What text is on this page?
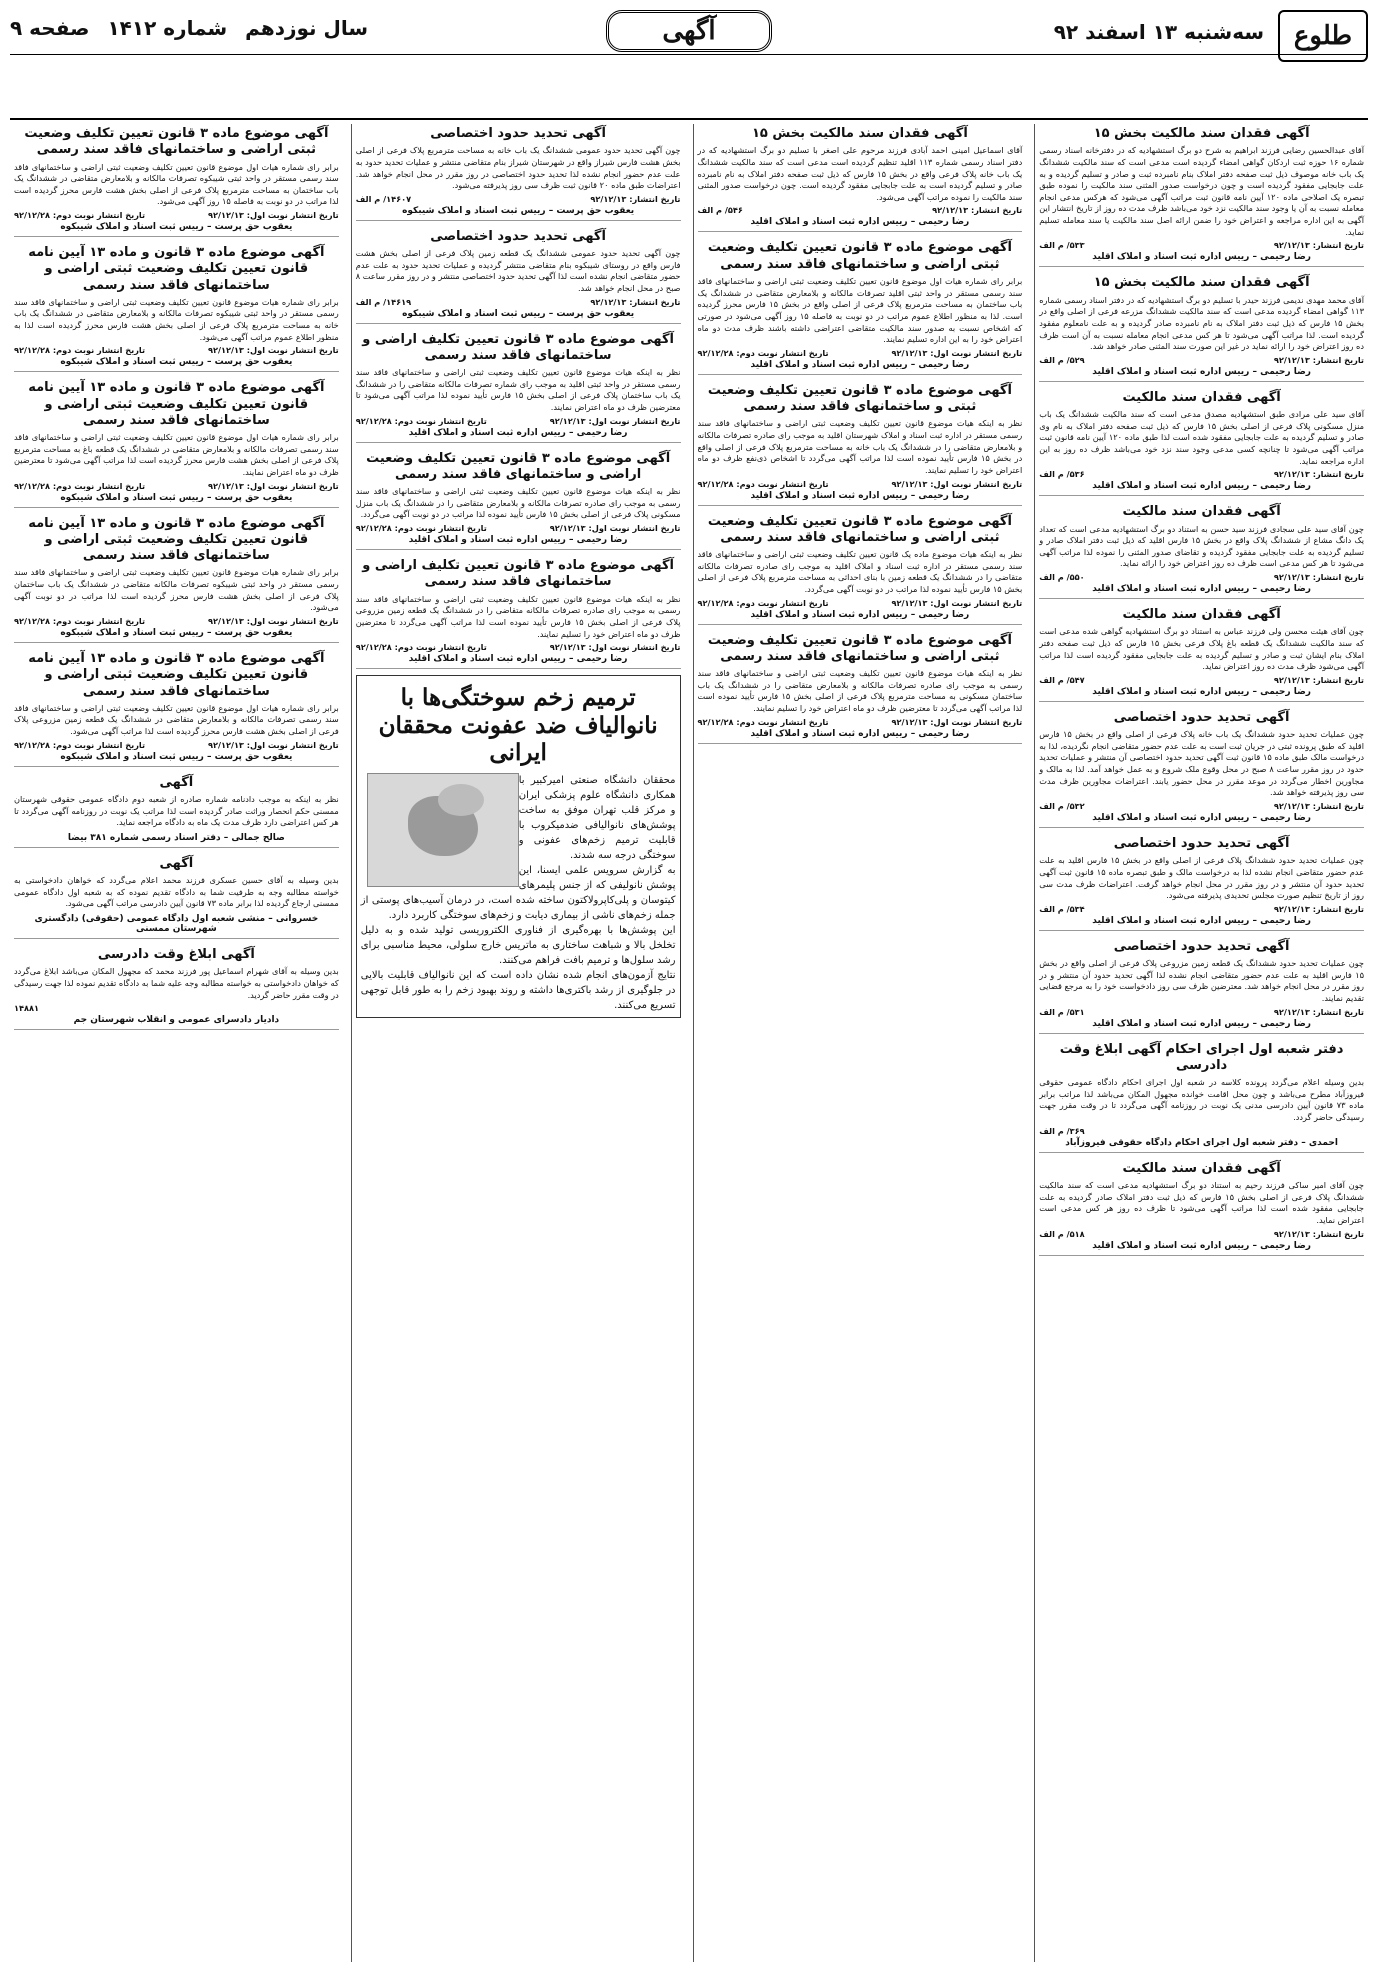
طلوع
سه‌شنبه ۱۳ اسفند ۹۲
آگهی
سال نوزدهم
شماره ۱۴۱۲
صفحه ۹
آگهی فقدان سند مالکیت بخش ۱۵
آقای عبدالحسین رضایی فرزند ابراهیم به شرح دو برگ استشهادیه که در دفترخانه اسناد رسمی شماره ۱۶ حوزه ثبت اردکان گواهی امضاء گردیده است مدعی است که سند مالکیت ششدانگ یک باب خانه موصوف ذیل ثبت صفحه دفتر املاک بنام نامبرده ثبت و صادر و تسلیم گردیده و به علت جابجایی مفقود گردیده است و چون درخواست صدور المثنی سند مالکیت را نموده طبق تبصره یک اصلاحی ماده ۱۲۰ آیین نامه قانون ثبت مراتب آگهی می‌شود که هرکس مدعی انجام معامله نسبت به آن یا وجود سند مالکیت نزد خود می‌باشد ظرف مدت ده روز از تاریخ انتشار این آگهی به این اداره مراجعه و اعتراض خود را ضمن ارائه اصل سند مالکیت یا سند معامله تسلیم نماید.
تاریخ انتشار: ۹۲/۱۲/۱۳
۵۳۳/ م الف
رضا رحیمی – رییس اداره ثبت اسناد و املاک اقلید
آگهی فقدان سند مالکیت بخش ۱۵
آقای محمد مهدی ندیمی فرزند حیدر با تسلیم دو برگ استشهادیه که در دفتر اسناد رسمی شماره ۱۱۳ گواهی امضاء گردیده مدعی است که سند مالکیت ششدانگ مزرعه فرعی از اصلی واقع در بخش ۱۵ فارس که ذیل ثبت دفتر املاک به نام نامبرده صادر گردیده و به علت نامعلوم مفقود گردیده است. لذا مراتب آگهی می‌شود تا هر کس مدعی انجام معامله نسبت به آن است ظرف ده روز اعتراض خود را ارائه نماید در غیر این صورت سند المثنی صادر خواهد شد.
تاریخ انتشار: ۹۲/۱۲/۱۳
۵۲۹/ م الف
رضا رحیمی – رییس اداره ثبت اسناد و املاک اقلید
آگهی فقدان سند مالکیت
آقای سید علی مرادی طبق استشهادیه مصدق مدعی است که سند مالکیت ششدانگ یک باب منزل مسکونی پلاک فرعی از اصلی بخش ۱۵ فارس که ذیل ثبت صفحه دفتر املاک به نام وی صادر و تسلیم گردیده به علت جابجایی مفقود شده است لذا طبق ماده ۱۲۰ آیین نامه قانون ثبت مراتب آگهی می‌شود تا چنانچه کسی مدعی وجود سند نزد خود می‌باشد ظرف ده روز به این اداره مراجعه نماید.
تاریخ انتشار: ۹۲/۱۲/۱۳
۵۳۶/ م الف
رضا رحیمی – رییس اداره ثبت اسناد و املاک اقلید
آگهی فقدان سند مالکیت
چون آقای سید علی سجادی فرزند سید حسن به استناد دو برگ استشهادیه مدعی است که تعداد یک دانگ مشاع از ششدانگ پلاک واقع در بخش ۱۵ فارس اقلید که ذیل ثبت دفتر املاک صادر و تسلیم گردیده به علت جابجایی مفقود گردیده و تقاضای صدور المثنی را نموده لذا مراتب آگهی می‌شود تا هر کس مدعی است ظرف ده روز اعتراض خود را ارائه نماید.
تاریخ انتشار: ۹۲/۱۲/۱۳
۵۵۰/ م الف
رضا رحیمی – رییس اداره ثبت اسناد و املاک اقلید
آگهی فقدان سند مالکیت
چون آقای هیئت محسن ولی فرزند عباس به استناد دو برگ استشهادیه گواهی شده مدعی است که سند مالکیت ششدانگ یک قطعه باغ پلاک فرعی بخش ۱۵ فارس که ذیل ثبت صفحه دفتر املاک بنام ایشان ثبت و صادر و تسلیم گردیده به علت جابجایی مفقود گردیده است لذا مراتب آگهی می‌شود ظرف مدت ده روز اعتراض نماید.
تاریخ انتشار: ۹۲/۱۲/۱۳
۵۴۷/ م الف
رضا رحیمی – رییس اداره ثبت اسناد و املاک اقلید
آگهی تحدید حدود اختصاصی
چون عملیات تحدید حدود ششدانگ یک باب خانه پلاک فرعی از اصلی واقع در بخش ۱۵ فارس اقلید که طبق پرونده ثبتی در جریان ثبت است به علت عدم حضور متقاضی انجام نگردیده، لذا به درخواست مالک طبق ماده ۱۵ قانون ثبت آگهی تحدید حدود اختصاصی آن منتشر و عملیات تحدید حدود در روز مقرر ساعت ۸ صبح در محل وقوع ملک شروع و به عمل خواهد آمد. لذا به مالک و مجاورین اخطار می‌گردد در موعد مقرر در محل حضور یابند. اعتراضات مجاورین ظرف مدت سی روز پذیرفته خواهد شد.
تاریخ انتشار: ۹۲/۱۲/۱۳
۵۳۲/ م الف
رضا رحیمی – رییس اداره ثبت اسناد و املاک اقلید
آگهی تحدید حدود اختصاصی
چون عملیات تحدید حدود ششدانگ پلاک فرعی از اصلی واقع در بخش ۱۵ فارس اقلید به علت عدم حضور متقاضی انجام نشده لذا به درخواست مالک و طبق تبصره ماده ۱۵ قانون ثبت آگهی تحدید حدود آن منتشر و در روز مقرر در محل انجام خواهد گرفت. اعتراضات ظرف مدت سی روز از تاریخ تنظیم صورت مجلس تحدیدی پذیرفته می‌شود.
تاریخ انتشار: ۹۲/۱۲/۱۳
۵۳۴/ م الف
رضا رحیمی – رییس اداره ثبت اسناد و املاک اقلید
آگهی تحدید حدود اختصاصی
چون عملیات تحدید حدود ششدانگ یک قطعه زمین مزروعی پلاک فرعی از اصلی واقع در بخش ۱۵ فارس اقلید به علت عدم حضور متقاضی انجام نشده لذا آگهی تحدید حدود آن منتشر و در روز مقرر در محل انجام خواهد شد. معترضین ظرف سی روز دادخواست خود را به مرجع قضایی تقدیم نمایند.
تاریخ انتشار: ۹۲/۱۲/۱۳
۵۳۱/ م الف
رضا رحیمی – رییس اداره ثبت اسناد و املاک اقلید
دفتر شعبه اول اجرای احکام آگهی ابلاغ وقت دادرسی
بدین وسیله اعلام می‌گردد پرونده کلاسه در شعبه اول اجرای احکام دادگاه عمومی حقوقی فیروزآباد مطرح می‌باشد و چون محل اقامت خوانده مجهول المکان می‌باشد لذا مراتب برابر ماده ۷۳ قانون آیین دادرسی مدنی یک نوبت در روزنامه آگهی می‌گردد تا در وقت مقرر جهت رسیدگی حاضر گردد.
۳۶۹/ م الف
احمدی – دفتر شعبه اول اجرای احکام دادگاه حقوقی فیروزآباد
آگهی فقدان سند مالکیت
چون آقای امیر ساکی فرزند رحیم به استناد دو برگ استشهادیه مدعی است که سند مالکیت ششدانگ پلاک فرعی از اصلی بخش ۱۵ فارس که ذیل ثبت دفتر املاک صادر گردیده به علت جابجایی مفقود شده است لذا مراتب آگهی می‌شود تا ظرف ده روز هر کس مدعی است اعتراض نماید.
تاریخ انتشار: ۹۲/۱۲/۱۳
۵۱۸/ م الف
رضا رحیمی – رییس اداره ثبت اسناد و املاک اقلید
آگهی فقدان سند مالکیت بخش ۱۵
آقای اسماعیل امینی احمد آبادی فرزند مرحوم علی اصغر با تسلیم دو برگ استشهادیه که در دفتر اسناد رسمی شماره ۱۱۳ اقلید تنظیم گردیده است مدعی است که سند مالکیت ششدانگ یک باب خانه پلاک فرعی واقع در بخش ۱۵ فارس که ذیل ثبت صفحه دفتر املاک به نام نامبرده صادر و تسلیم گردیده است به علت جابجایی مفقود گردیده است. چون درخواست صدور المثنی سند مالکیت را نموده مراتب آگهی می‌شود.
تاریخ انتشار: ۹۲/۱۲/۱۳
۵۴۶/ م الف
رضا رحیمی – رییس اداره ثبت اسناد و املاک اقلید
آگهی موضوع ماده ۳ قانون تعیین تکلیف وضعیت ثبتی اراضی و ساختمانهای فاقد سند رسمی
برابر رای شماره هیات اول موضوع قانون تعیین تکلیف وضعیت ثبتی اراضی و ساختمانهای فاقد سند رسمی مستقر در واحد ثبتی اقلید تصرفات مالکانه و بلامعارض متقاضی در ششدانگ یک باب ساختمان به مساحت مترمربع پلاک فرعی از اصلی واقع در بخش ۱۵ فارس محرز گردیده است. لذا به منظور اطلاع عموم مراتب در دو نوبت به فاصله ۱۵ روز آگهی می‌شود در صورتی که اشخاص نسبت به صدور سند مالکیت متقاضی اعتراضی داشته باشند ظرف مدت دو ماه اعتراض خود را به این اداره تسلیم نمایند.
تاریخ انتشار نوبت اول: ۹۲/۱۲/۱۳
تاریخ انتشار نوبت دوم: ۹۲/۱۲/۲۸
رضا رحیمی – رییس اداره ثبت اسناد و املاک اقلید
آگهی موضوع ماده ۳ قانون تعیین تکلیف وضعیت ثبتی و ساختمانهای فاقد سند رسمی
نظر به اینکه هیات موضوع قانون تعیین تکلیف وضعیت ثبتی اراضی و ساختمانهای فاقد سند رسمی مستقر در اداره ثبت اسناد و املاک شهرستان اقلید به موجب رای صادره تصرفات مالکانه و بلامعارض متقاضی را در ششدانگ یک باب خانه به مساحت مترمربع پلاک فرعی از اصلی واقع در بخش ۱۵ فارس تأیید نموده است لذا مراتب آگهی می‌گردد تا اشخاص ذی‌نفع ظرف دو ماه اعتراض خود را تسلیم نمایند.
تاریخ انتشار نوبت اول: ۹۲/۱۲/۱۳
تاریخ انتشار نوبت دوم: ۹۲/۱۲/۲۸
رضا رحیمی – رییس اداره ثبت اسناد و املاک اقلید
آگهی موضوع ماده ۳ قانون تعیین تکلیف وضعیت ثبتی اراضی و ساختمانهای فاقد سند رسمی
نظر به اینکه هیات موضوع ماده یک قانون تعیین تکلیف وضعیت ثبتی اراضی و ساختمانهای فاقد سند رسمی مستقر در اداره ثبت اسناد و املاک اقلید به موجب رای صادره تصرفات مالکانه متقاضی را در ششدانگ یک قطعه زمین با بنای احداثی به مساحت مترمربع پلاک فرعی از اصلی بخش ۱۵ فارس تأیید نموده لذا مراتب در دو نوبت آگهی می‌گردد.
تاریخ انتشار نوبت اول: ۹۲/۱۲/۱۳
تاریخ انتشار نوبت دوم: ۹۲/۱۲/۲۸
رضا رحیمی – رییس اداره ثبت اسناد و املاک اقلید
آگهی موضوع ماده ۳ قانون تعیین تکلیف وضعیت ثبتی اراضی و ساختمانهای فاقد سند رسمی
نظر به اینکه هیات موضوع قانون تعیین تکلیف وضعیت ثبتی اراضی و ساختمانهای فاقد سند رسمی به موجب رای صادره تصرفات مالکانه و بلامعارض متقاضی را در ششدانگ یک باب ساختمان مسکونی به مساحت مترمربع پلاک فرعی از اصلی بخش ۱۵ فارس تأیید نموده است لذا مراتب آگهی می‌گردد تا معترضین ظرف دو ماه اعتراض خود را تسلیم نمایند.
تاریخ انتشار نوبت اول: ۹۲/۱۲/۱۳
تاریخ انتشار نوبت دوم: ۹۲/۱۲/۲۸
رضا رحیمی – رییس اداره ثبت اسناد و املاک اقلید
آگهی تحدید حدود اختصاصی
چون آگهی تحدید حدود عمومی ششدانگ یک باب خانه به مساحت مترمربع پلاک فرعی از اصلی بخش هشت فارس شیراز واقع در شهرستان شیراز بنام متقاضی منتشر و عملیات تحدید حدود به علت عدم حضور انجام نشده لذا تحدید حدود اختصاصی در روز مقرر در محل انجام خواهد شد. اعتراضات طبق ماده ۲۰ قانون ثبت ظرف سی روز پذیرفته می‌شود.
تاریخ انتشار: ۹۲/۱۲/۱۳
۱۴۶۰۷/ م الف
یعقوب حق پرست – رییس ثبت اسناد و املاک شیبکوه
آگهی تحدید حدود اختصاصی
چون آگهی تحدید حدود عمومی ششدانگ یک قطعه زمین پلاک فرعی از اصلی بخش هشت فارس واقع در روستای شیبکوه بنام متقاضی منتشر گردیده و عملیات تحدید حدود به علت عدم حضور متقاضی انجام نشده است لذا آگهی تحدید حدود اختصاصی منتشر و در روز مقرر ساعت ۸ صبح در محل انجام خواهد شد.
تاریخ انتشار: ۹۲/۱۲/۱۳
۱۴۶۱۹/ م الف
یعقوب حق پرست – رییس ثبت اسناد و املاک شیبکوه
آگهی موضوع ماده ۳ قانون تعیین تکلیف اراضی و ساختمانهای فاقد سند رسمی
نظر به اینکه هیات موضوع قانون تعیین تکلیف وضعیت ثبتی اراضی و ساختمانهای فاقد سند رسمی مستقر در واحد ثبتی اقلید به موجب رای شماره تصرفات مالکانه متقاضی را در ششدانگ یک باب ساختمان پلاک فرعی از اصلی بخش ۱۵ فارس تأیید نموده لذا مراتب آگهی می‌شود تا معترضین ظرف دو ماه اعتراض نمایند.
تاریخ انتشار نوبت اول: ۹۲/۱۲/۱۳
تاریخ انتشار نوبت دوم: ۹۲/۱۲/۲۸
رضا رحیمی – رییس اداره ثبت اسناد و املاک اقلید
آگهی موضوع ماده ۳ قانون تعیین تکلیف وضعیت اراضی و ساختمانهای فاقد سند رسمی
نظر به اینکه هیات موضوع قانون تعیین تکلیف وضعیت ثبتی اراضی و ساختمانهای فاقد سند رسمی به موجب رای صادره تصرفات مالکانه و بلامعارض متقاضی را در ششدانگ یک باب منزل مسکونی پلاک فرعی از اصلی بخش ۱۵ فارس تأیید نموده لذا مراتب در دو نوبت آگهی می‌گردد.
تاریخ انتشار نوبت اول: ۹۲/۱۲/۱۳
تاریخ انتشار نوبت دوم: ۹۲/۱۲/۲۸
رضا رحیمی – رییس اداره ثبت اسناد و املاک اقلید
آگهی موضوع ماده ۳ قانون تعیین تکلیف اراضی و ساختمانهای فاقد سند رسمی
نظر به اینکه هیات موضوع قانون تعیین تکلیف وضعیت ثبتی اراضی و ساختمانهای فاقد سند رسمی به موجب رای صادره تصرفات مالکانه متقاضی را در ششدانگ یک قطعه زمین مزروعی پلاک فرعی از اصلی بخش ۱۵ فارس تأیید نموده است لذا مراتب آگهی می‌گردد تا معترضین ظرف دو ماه اعتراض خود را تسلیم نمایند.
تاریخ انتشار نوبت اول: ۹۲/۱۲/۱۳
تاریخ انتشار نوبت دوم: ۹۲/۱۲/۲۸
رضا رحیمی – رییس اداره ثبت اسناد و املاک اقلید
ترمیم زخم سوختگی‌ها با نانوالیاف ضد عفونت محققان ایرانی
محققان دانشگاه صنعتی امیرکبیر با همکاری دانشگاه علوم پزشکی ایران و مرکز قلب تهران موفق به ساخت پوشش‌های نانوالیافی ضدمیکروب با قابلیت ترمیم زخم‌های عفونی و سوختگی درجه سه شدند.
به گزارش سرویس علمی ایسنا، این پوشش نانولیفی که از جنس پلیمرهای کیتوسان و پلی‌کاپرولاکتون ساخته شده است، در درمان آسیب‌های پوستی از جمله زخم‌های ناشی از بیماری دیابت و زخم‌های سوختگی کاربرد دارد.
این پوشش‌ها با بهره‌گیری از فناوری الکتروریسی تولید شده و به دلیل تخلخل بالا و شباهت ساختاری به ماتریس خارج سلولی، محیط مناسبی برای رشد سلول‌ها و ترمیم بافت فراهم می‌کنند.
نتایج آزمون‌های انجام شده نشان داده است که این نانوالیاف قابلیت بالایی در جلوگیری از رشد باکتری‌ها داشته و روند بهبود زخم را به طور قابل توجهی تسریع می‌کنند.
آگهی موضوع ماده ۳ قانون تعیین تکلیف وضعیت ثبتی اراضی و ساختمانهای فاقد سند رسمی
برابر رای شماره هیات اول موضوع قانون تعیین تکلیف وضعیت ثبتی اراضی و ساختمانهای فاقد سند رسمی مستقر در واحد ثبتی شیبکوه تصرفات مالکانه و بلامعارض متقاضی در ششدانگ یک باب ساختمان به مساحت مترمربع پلاک فرعی از اصلی بخش هشت فارس محرز گردیده است لذا مراتب در دو نوبت به فاصله ۱۵ روز آگهی می‌شود.
تاریخ انتشار نوبت اول: ۹۲/۱۲/۱۳
تاریخ انتشار نوبت دوم: ۹۲/۱۲/۲۸
یعقوب حق پرست – رییس ثبت اسناد و املاک شیبکوه
آگهی موضوع ماده ۳ قانون و ماده ۱۳ آیین نامه قانون تعیین تکلیف وضعیت ثبتی اراضی و ساختمانهای فاقد سند رسمی
برابر رای شماره هیات موضوع قانون تعیین تکلیف وضعیت ثبتی اراضی و ساختمانهای فاقد سند رسمی مستقر در واحد ثبتی شیبکوه تصرفات مالکانه و بلامعارض متقاضی در ششدانگ یک باب خانه به مساحت مترمربع پلاک فرعی از اصلی بخش هشت فارس محرز گردیده است لذا به منظور اطلاع عموم مراتب آگهی می‌شود.
تاریخ انتشار نوبت اول: ۹۲/۱۲/۱۳
تاریخ انتشار نوبت دوم: ۹۲/۱۲/۲۸
یعقوب حق پرست – رییس ثبت اسناد و املاک شیبکوه
آگهی موضوع ماده ۳ قانون و ماده ۱۳ آیین نامه قانون تعیین تکلیف وضعیت ثبتی اراضی و ساختمانهای فاقد سند رسمی
برابر رای شماره هیات اول موضوع قانون تعیین تکلیف وضعیت ثبتی اراضی و ساختمانهای فاقد سند رسمی تصرفات مالکانه و بلامعارض متقاضی در ششدانگ یک قطعه باغ به مساحت مترمربع پلاک فرعی از اصلی بخش هشت فارس محرز گردیده است لذا مراتب آگهی می‌شود تا معترضین ظرف دو ماه اعتراض نمایند.
تاریخ انتشار نوبت اول: ۹۲/۱۲/۱۳
تاریخ انتشار نوبت دوم: ۹۲/۱۲/۲۸
یعقوب حق پرست – رییس ثبت اسناد و املاک شیبکوه
آگهی موضوع ماده ۳ قانون و ماده ۱۳ آیین نامه قانون تعیین تکلیف وضعیت ثبتی اراضی و ساختمانهای فاقد سند رسمی
برابر رای شماره هیات موضوع قانون تعیین تکلیف وضعیت ثبتی اراضی و ساختمانهای فاقد سند رسمی مستقر در واحد ثبتی شیبکوه تصرفات مالکانه متقاضی در ششدانگ یک باب ساختمان پلاک فرعی از اصلی بخش هشت فارس محرز گردیده است لذا مراتب در دو نوبت آگهی می‌شود.
تاریخ انتشار نوبت اول: ۹۲/۱۲/۱۳
تاریخ انتشار نوبت دوم: ۹۲/۱۲/۲۸
یعقوب حق پرست – رییس ثبت اسناد و املاک شیبکوه
آگهی موضوع ماده ۳ قانون و ماده ۱۳ آیین نامه قانون تعیین تکلیف وضعیت ثبتی اراضی و ساختمانهای فاقد سند رسمی
برابر رای شماره هیات اول موضوع قانون تعیین تکلیف وضعیت ثبتی اراضی و ساختمانهای فاقد سند رسمی تصرفات مالکانه و بلامعارض متقاضی در ششدانگ یک قطعه زمین مزروعی پلاک فرعی از اصلی بخش هشت فارس محرز گردیده است لذا مراتب آگهی می‌شود.
تاریخ انتشار نوبت اول: ۹۲/۱۲/۱۳
تاریخ انتشار نوبت دوم: ۹۲/۱۲/۲۸
یعقوب حق پرست – رییس ثبت اسناد و املاک شیبکوه
آگهی
نظر به اینکه به موجب دادنامه شماره صادره از شعبه دوم دادگاه عمومی حقوقی شهرستان ممسنی حکم انحصار وراثت صادر گردیده است لذا مراتب یک نوبت در روزنامه آگهی می‌گردد تا هر کس اعتراضی دارد ظرف مدت یک ماه به دادگاه مراجعه نماید.
صالح جمالی – دفتر اسناد رسمی شماره ۳۸۱ بیضا
آگهی
بدین وسیله به آقای حسین عسکری فرزند محمد اعلام می‌گردد که خواهان دادخواستی به خواسته مطالبه وجه به طرفیت شما به دادگاه تقدیم نموده که به شعبه اول دادگاه عمومی ممسنی ارجاع گردیده لذا برابر ماده ۷۳ قانون آیین دادرسی مراتب آگهی می‌شود.
خسروانی – منشی شعبه اول دادگاه عمومی (حقوقی) دادگستری شهرستان ممسنی
آگهی ابلاغ وقت دادرسی
بدین وسیله به آقای شهرام اسماعیل پور فرزند محمد که مجهول المکان می‌باشد ابلاغ می‌گردد که خواهان دادخواستی به خواسته مطالبه وجه علیه شما به دادگاه تقدیم نموده لذا جهت رسیدگی در وقت مقرر حاضر گردید.
۱۴۸۸۱
دادیار دادسرای عمومی و انقلاب شهرستان جم
